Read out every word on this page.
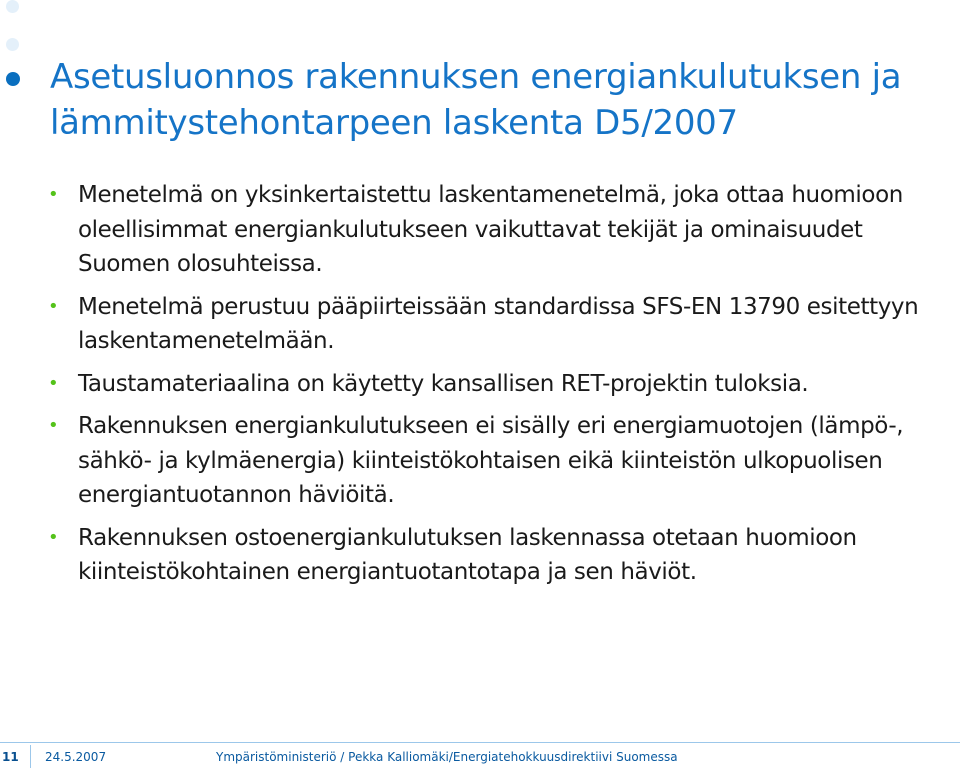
Asetusluonnos rakennuksen energiankulutuksen ja lämmitystehontarpeen laskenta D5/2007
• Menetelmä on yksinkertaistettu laskentamenetelmä, joka ottaa huomioon oleellisimmat energiankulutukseen vaikuttavat tekijät ja ominaisuudet Suomen olosuhteissa.
• Menetelmä perustuu pääpiirteissään standardissa SFS-EN 13790 esitettyyn laskentamenetelmään.
• Taustamateriaalina on käytetty kansallisen RET-projektin tuloksia.
• Rakennuksen energiankulutukseen ei sisälly eri energiamuotojen (lämpö-, sähkö- ja kylmäenergia) kiinteistökohtaisen eikä kiinteistön ulkopuolisen energiantuotannon häviöitä.
• Rakennuksen ostoenergiankulutuksen laskennassa otetaan huomioon kiinteistökohtainen energiantuotantotapa ja sen häviöt.
11 24.5.2007	Ympäristöministeriö / Pekka Kalliomäki/Energiatehokkuusdirektiivi Suomessa
